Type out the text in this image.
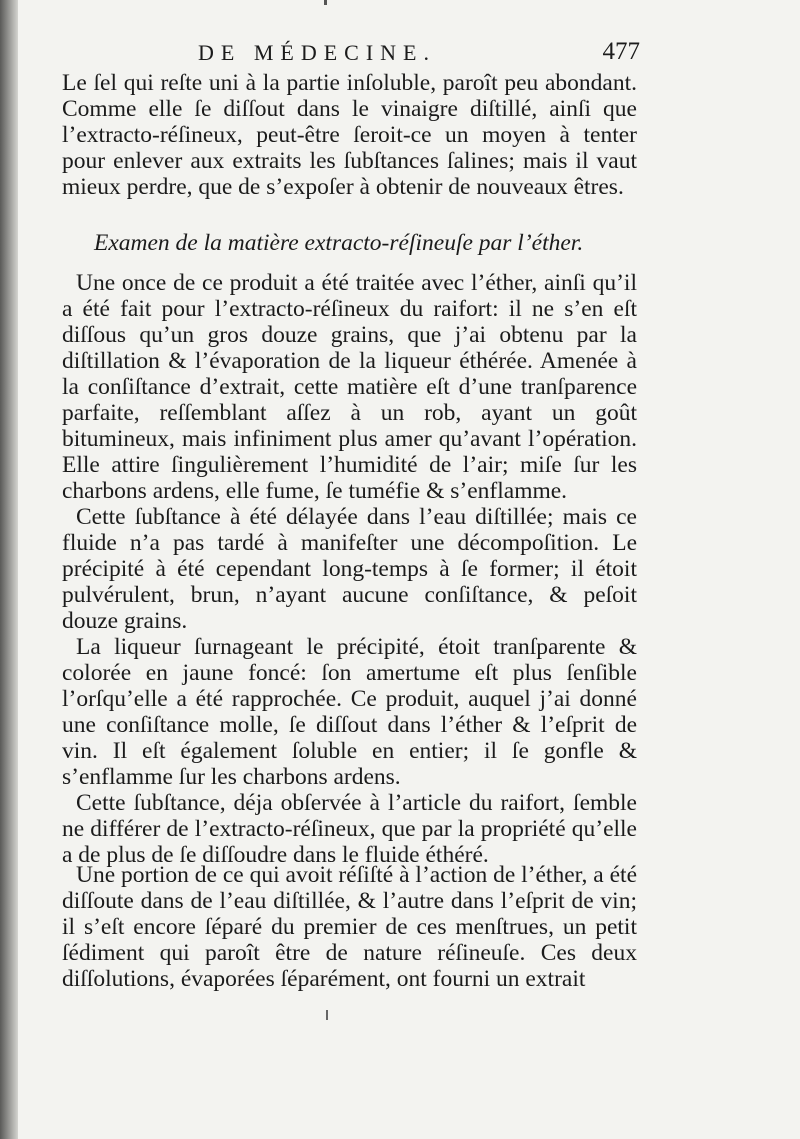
DE MÉDECINE.	477

Le ſel qui reſte uni à la partie inſoluble, paroît peu abondant. Comme elle ſe diſſout dans le vinaigre diſtillé, ainſi que l’extracto-réſineux, peut-être ſeroit-ce un moyen à tenter pour enlever aux extraits les ſubſtances ſalines; mais il vaut mieux perdre, que de s’expoſer à obtenir de nouveaux êtres.

Examen de la matière extracto-réſineuſe par l’éther.

Une once de ce produit a été traitée avec l’éther, ainſi qu’il a été fait pour l’extracto-réſineux du raifort: il ne s’en eſt diſſous qu’un gros douze grains, que j’ai obtenu par la diſtillation & l’évaporation de la liqueur éthérée. Amenée à la conſiſtance d’extrait, cette matière eſt d’une tranſparence parfaite, reſſemblant aſſez à un rob, ayant un goût bitumineux, mais infiniment plus amer qu’avant l’opération. Elle attire ſingulièrement l’humidité de l’air; miſe ſur les charbons ardens, elle fume, ſe tuméfie & s’enflamme.

Cette ſubſtance à été délayée dans l’eau diſtillée; mais ce fluide n’a pas tardé à manifeſter une décompoſition. Le précipité à été cependant long-temps à ſe former; il étoit pulvérulent, brun, n’ayant aucune conſiſtance, & peſoit douze grains.

La liqueur ſurnageant le précipité, étoit tranſparente & colorée en jaune foncé: ſon amertume eſt plus ſenſible l’orſqu’elle a été rapprochée. Ce produit, auquel j’ai donné une conſiſtance molle, ſe diſſout dans l’éther & l’eſprit de vin. Il eſt également ſoluble en entier; il ſe gonfle & s’enflamme ſur les charbons ardens.

Cette ſubſtance, déja obſervée à l’article du raifort, ſemble ne différer de l’extracto-réſineux, que par la propriété qu’elle a de plus de ſe diſſoudre dans le fluide éthéré.

Une portion de ce qui avoit réſiſté à l’action de l’éther, a été diſſoute dans de l’eau diſtillée, & l’autre dans l’eſprit de vin; il s’eſt encore ſéparé du premier de ces menſtrues, un petit ſédiment qui paroît être de nature réſineuſe. Ces deux diſſolutions, évaporées ſéparément, ont fourni un extrait
